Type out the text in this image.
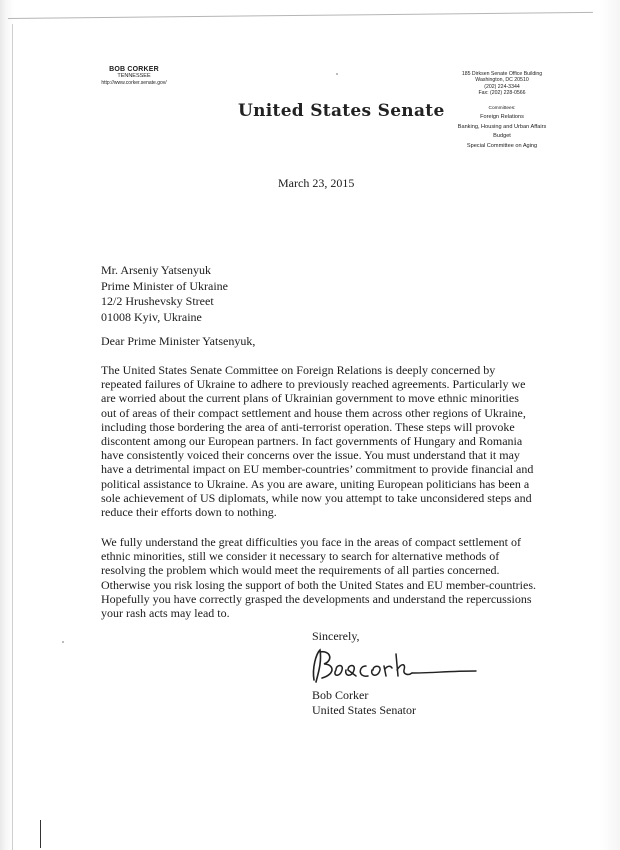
BOB CORKER
TENNESSEE
http://www.corker.senate.gov/
United States Senate
185 Dirksen Senate Office Building
Washington, DC 20510
(202) 224-3344
Fax: (202) 228-0566
Committees:
Foreign Relations
Banking, Housing and Urban Affairs
Budget
Special Committee on Aging
March 23, 2015
Mr. Arseniy Yatsenyuk
Prime Minister of Ukraine
12/2 Hrushevsky Street
01008 Kyiv, Ukraine
Dear Prime Minister Yatsenyuk,
The United States Senate Committee on Foreign Relations is deeply concerned by
repeated failures of Ukraine to adhere to previously reached agreements. Particularly we
are worried about the current plans of Ukrainian government to move ethnic minorities
out of areas of their compact settlement and house them across other regions of Ukraine,
including those bordering the area of anti-terrorist operation. These steps will provoke
discontent among our European partners. In fact governments of Hungary and Romania
have consistently voiced their concerns over the issue. You must understand that it may
have a detrimental impact on EU member-countries’ commitment to provide financial and
political assistance to Ukraine. As you are aware, uniting European politicians has been a
sole achievement of US diplomats, while now you attempt to take unconsidered steps and
reduce their efforts down to nothing.
We fully understand the great difficulties you face in the areas of compact settlement of
ethnic minorities, still we consider it necessary to search for alternative methods of
resolving the problem which would meet the requirements of all parties concerned.
Otherwise you risk losing the support of both the United States and EU member-countries.
Hopefully you have correctly grasped the developments and understand the repercussions
your rash acts may lead to.
Sincerely,
Bob Corker
United States Senator
